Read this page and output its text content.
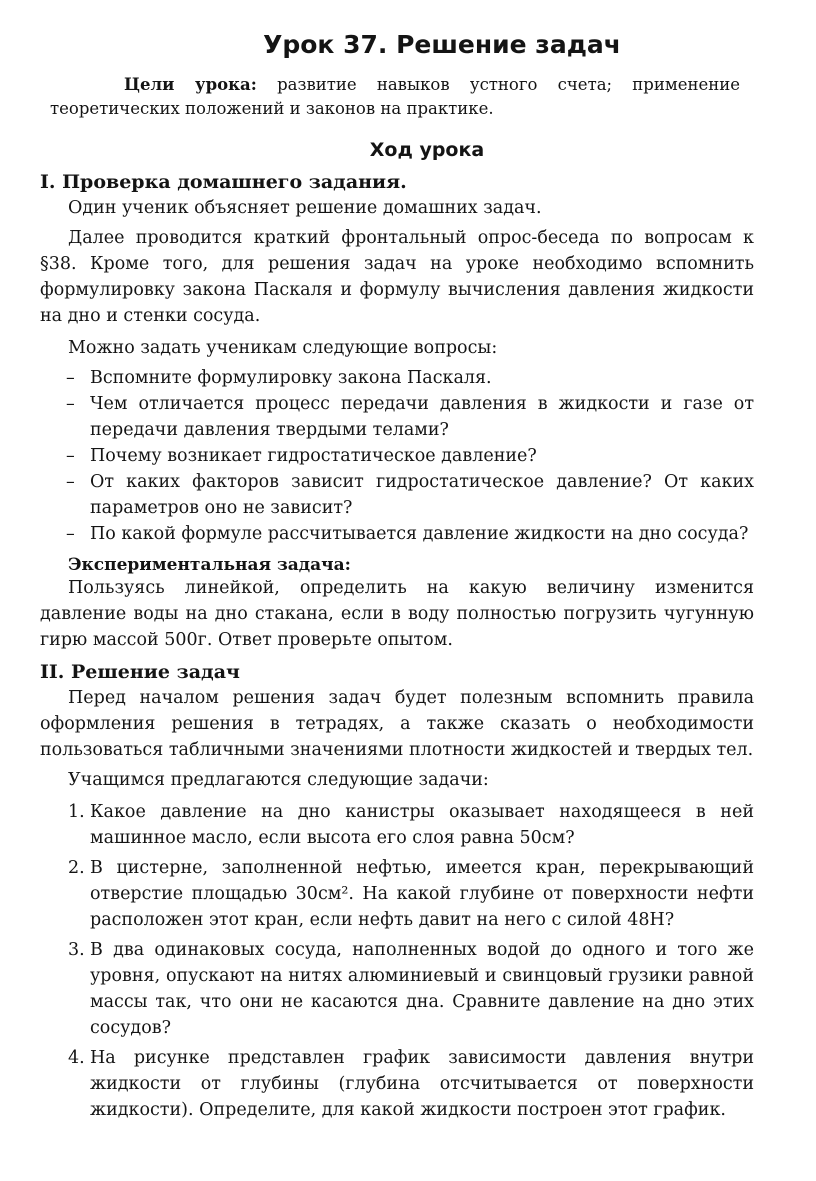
Урок 37. Решение задач
Цели урока: развитие навыков устного счета; применение теоретических положений и законов на практике.
Ход урока
I. Проверка домашнего задания.

Один ученик объясняет решение домашних задач.

Далее проводится краткий фронтальный опрос-беседа по вопросам к §38. Кроме того, для решения задач на уроке необходимо вспомнить формулировку закона Паскаля и формулу вычисления давления жидкости на дно и стенки сосуда.

Можно задать ученикам следующие вопросы:

– Вспомните формулировку закона Паскаля.
– Чем отличается процесс передачи давления в жидкости и газе от передачи давления твердыми телами?
– Почему возникает гидростатическое давление?
– От каких факторов зависит гидростатическое давление? От каких параметров оно не зависит?
– По какой формуле рассчитывается давление жидкости на дно сосуда?
Экспериментальная задача:

Пользуясь линейкой, определить на какую величину изменится давление воды на дно стакана, если в воду полностью погрузить чугунную гирю массой 500г. Ответ проверьте опытом.

II. Решение задач

Перед началом решения задач будет полезным вспомнить правила оформления решения в тетрадях, а также сказать о необходимости пользоваться табличными значениями плотности жидкостей и твердых тел.

Учащимся предлагаются следующие задачи:

1. Какое давление на дно канистры оказывает находящееся в ней машинное масло, если высота его слоя равна 50см?
2. В цистерне, заполненной нефтью, имеется кран, перекрывающий отверстие площадью 30см². На какой глубине от поверхности нефти расположен этот кран, если нефть давит на него с силой 48Н?
3. В два одинаковых сосуда, наполненных водой до одного и того же уровня, опускают на нитях алюминиевый и свинцовый грузики равной массы так, что они не касаются дна. Сравните давление на дно этих сосудов?
4. На рисунке представлен график зависимости давления внутри жидкости от глубины (глубина отсчитывается от поверхности жидкости). Определите, для какой жидкости построен этот график.
